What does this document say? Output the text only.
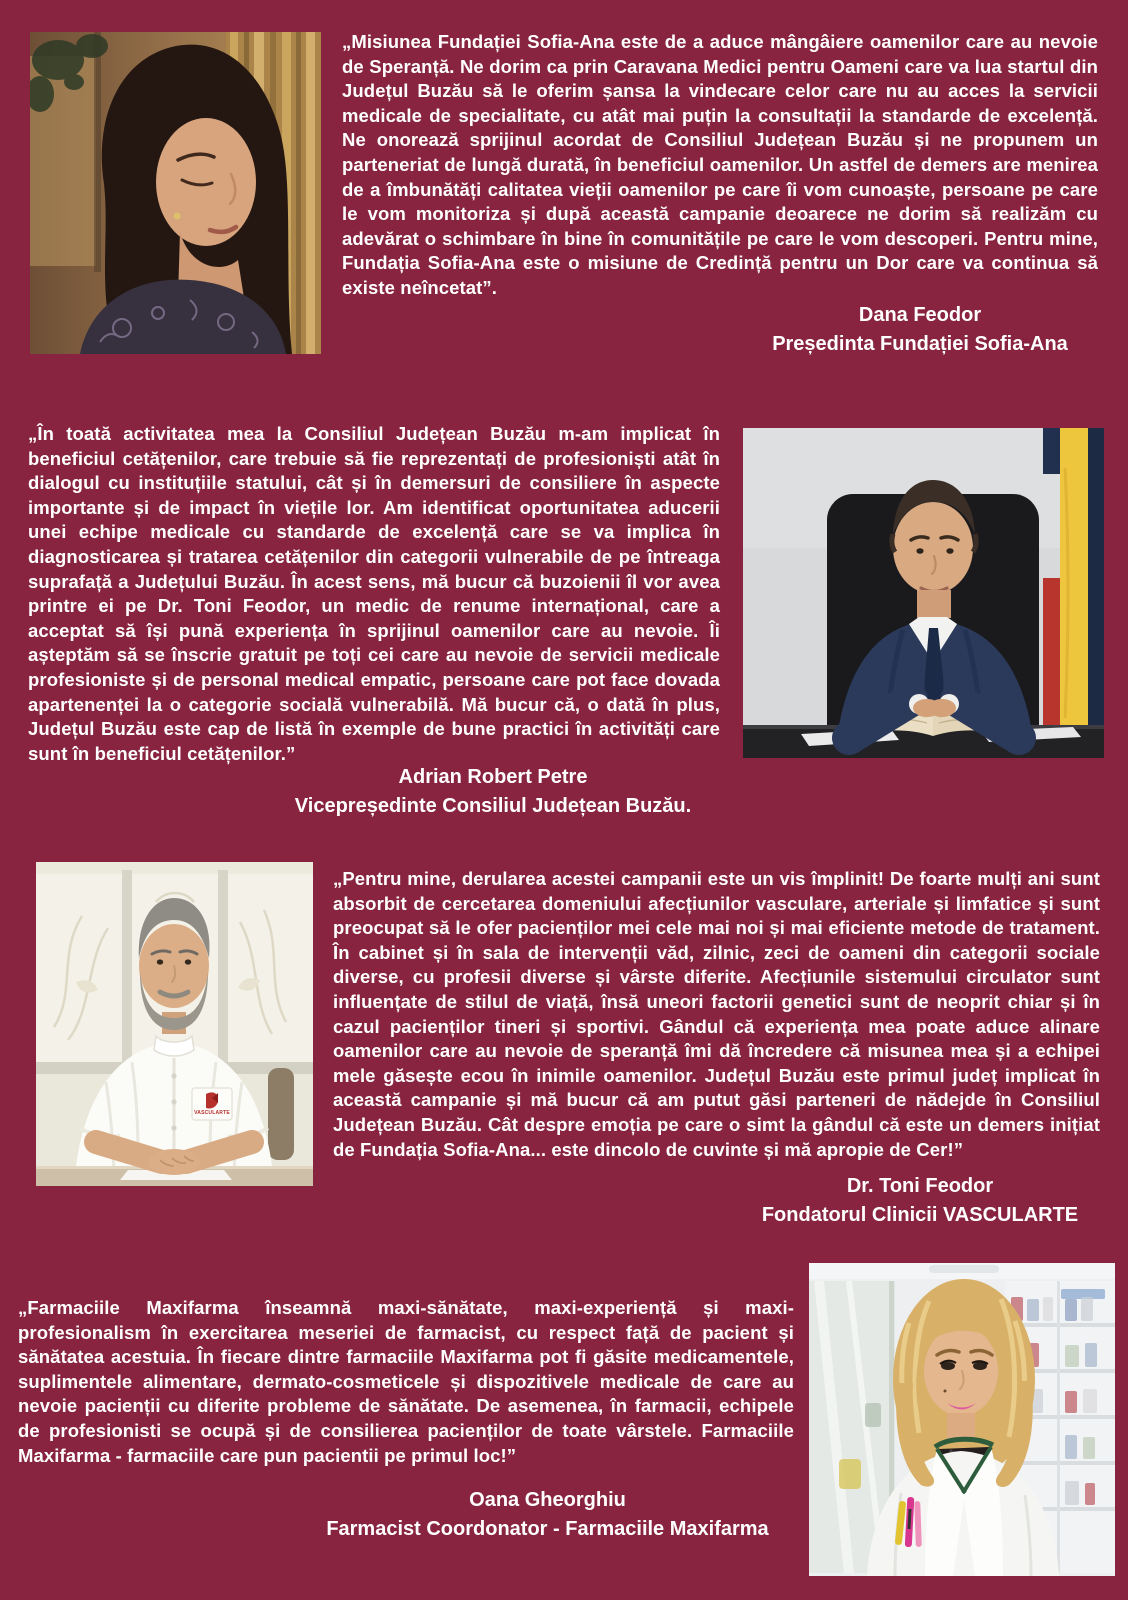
„Misiunea Fundației Sofia-Ana este de a aduce mângâiere oamenilor care au nevoie de Speranță. Ne dorim ca prin Caravana Medici pentru Oameni care va lua startul din Județul Buzău să le oferim șansa la vindecare celor care nu au acces la servicii medicale de specialitate, cu atât mai puțin la consultații la standarde de excelență. Ne onorează sprijinul acordat de Consiliul Județean Buzău și ne propunem un parteneriat de lungă durată, în beneficiul oamenilor. Un astfel de demers are menirea de a îmbunătăți calitatea vieții oamenilor pe care îi vom cunoaște, persoane pe care le vom monitoriza și după această campanie deoarece ne dorim să realizăm cu adevărat o schimbare în bine în comunitățile pe care le vom descoperi. Pentru mine, Fundația Sofia-Ana este o misiune de Credință pentru un Dor care va continua să existe neîncetat”.

Dana Feodor
Președinta Fundației Sofia-Ana

„În toată activitatea mea la Consiliul Județean Buzău m-am implicat în beneficiul cetățenilor, care trebuie să fie reprezentați de profesioniști atât în dialogul cu instituțiile statului, cât și în demersuri de consiliere în aspecte importante și de impact în viețile lor. Am identificat oportunitatea aducerii unei echipe medicale cu standarde de excelență care se va implica în diagnosticarea și tratarea cetățenilor din categorii vulnerabile de pe întreaga suprafață a Județului Buzău. În acest sens, mă bucur că buzoienii îl vor avea printre ei pe Dr. Toni Feodor, un medic de renume internațional, care a acceptat să își pună experiența în sprijinul oamenilor care au nevoie. Îi așteptăm să se înscrie gratuit pe toți cei care au nevoie de servicii medicale profesioniste și de personal medical empatic, persoane care pot face dovada apartenenței la o categorie socială vulnerabilă. Mă bucur că, o dată în plus, Județul Buzău este cap de listă în exemple de bune practici în activități care sunt în beneficiul cetățenilor.”

Adrian Robert Petre
Vicepreședinte Consiliul Județean Buzău.
VASCULARTE

„Pentru mine, derularea acestei campanii este un vis împlinit! De foarte mulți ani sunt absorbit de cercetarea domeniului afecțiunilor vasculare, arteriale și limfatice și sunt preocupat să le ofer pacienților mei cele mai noi și mai eficiente metode de tratament. În cabinet și în sala de intervenții văd, zilnic, zeci de oameni din categorii sociale diverse, cu profesii diverse și vârste diferite. Afecțiunile sistemului circulator sunt influențate de stilul de viață, însă uneori factorii genetici sunt de neoprit chiar și în cazul pacienților tineri și sportivi. Gândul că experiența mea poate aduce alinare oamenilor care au nevoie de speranță îmi dă încredere că misunea mea și a echipei mele găsește ecou în inimile oamenilor. Județul Buzău este primul județ implicat în această campanie și mă bucur că am putut găsi parteneri de nădejde în Consiliul Județean Buzău. Cât despre emoția pe care o simt la gândul că este un demers inițiat de Fundația Sofia-Ana... este dincolo de cuvinte și mă apropie de Cer!”

Dr. Toni Feodor
Fondatorul Clinicii VASCULARTE

„Farmaciile Maxifarma înseamnă maxi-sănătate, maxi-experiență și maxi-profesionalism în exercitarea meseriei de farmacist, cu respect față de pacient și sănătatea acestuia. În fiecare dintre farmaciile Maxifarma pot fi găsite medicamentele, suplimentele alimentare, dermato-cosmeticele și dispozitivele medicale de care au nevoie pacienții cu diferite probleme de sănătate. De asemenea, în farmacii, echipele de profesionisti se ocupă și de consilierea pacienților de toate vârstele. Farmaciile Maxifarma - farmaciile care pun pacientii pe primul loc!”

Oana Gheorghiu
Farmacist Coordonator - Farmaciile Maxifarma
